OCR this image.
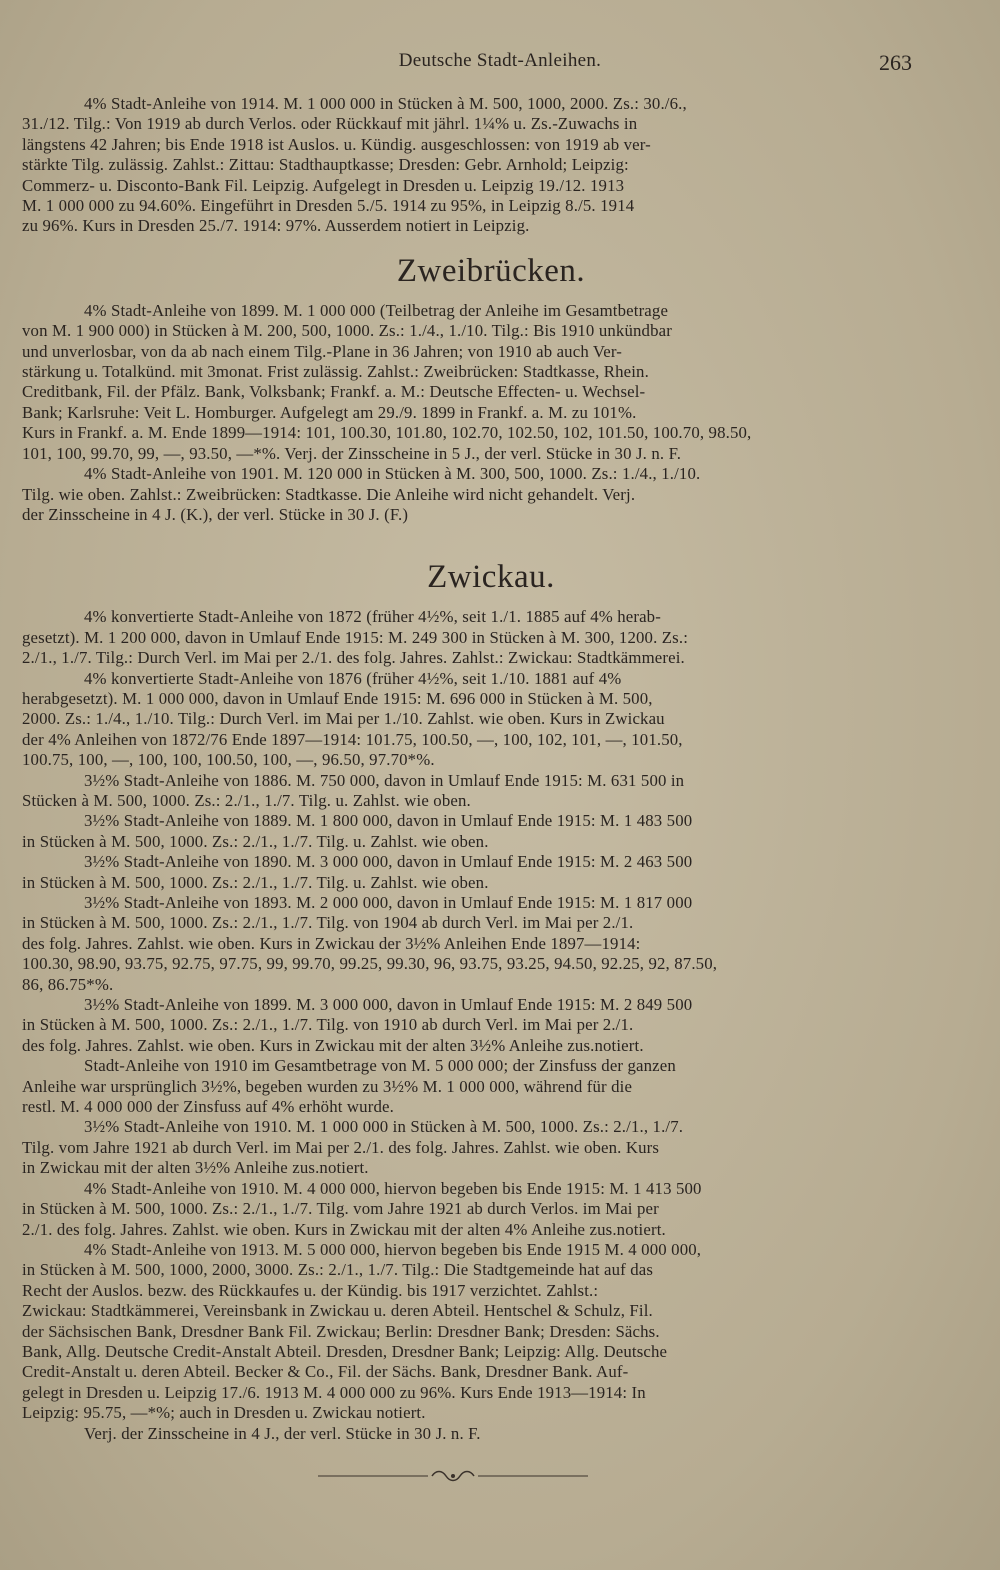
Deutsche Stadt-Anleihen.	263
4% Stadt-Anleihe von 1914. M. 1 000 000 in Stücken à M. 500, 1000, 2000. Zs.: 30./6.,
31./12. Tilg.: Von 1919 ab durch Verlos. oder Rückkauf mit jährl. 1¼% u. Zs.-Zuwachs in
längstens 42 Jahren; bis Ende 1918 ist Auslos. u. Kündig. ausgeschlossen: von 1919 ab ver-
stärkte Tilg. zulässig. Zahlst.: Zittau: Stadthauptkasse; Dresden: Gebr. Arnhold; Leipzig:
Commerz- u. Disconto-Bank Fil. Leipzig. Aufgelegt in Dresden u. Leipzig 19./12. 1913
M. 1 000 000 zu 94.60%. Eingeführt in Dresden 5./5. 1914 zu 95%, in Leipzig 8./5. 1914
zu 96%. Kurs in Dresden 25./7. 1914: 97%. Ausserdem notiert in Leipzig.
Zweibrücken.
4% Stadt-Anleihe von 1899. M. 1 000 000 (Teilbetrag der Anleihe im Gesamtbetrage
von M. 1 900 000) in Stücken à M. 200, 500, 1000. Zs.: 1./4., 1./10. Tilg.: Bis 1910 unkündbar
und unverlosbar, von da ab nach einem Tilg.-Plane in 36 Jahren; von 1910 ab auch Ver-
stärkung u. Totalkünd. mit 3monat. Frist zulässig. Zahlst.: Zweibrücken: Stadtkasse, Rhein.
Creditbank, Fil. der Pfälz. Bank, Volksbank; Frankf. a. M.: Deutsche Effecten- u. Wechsel-
Bank; Karlsruhe: Veit L. Homburger. Aufgelegt am 29./9. 1899 in Frankf. a. M. zu 101%.
Kurs in Frankf. a. M. Ende 1899—1914: 101, 100.30, 101.80, 102.70, 102.50, 102, 101.50, 100.70, 98.50,
101, 100, 99.70, 99, —, 93.50, —*%. Verj. der Zinsscheine in 5 J., der verl. Stücke in 30 J. n. F.
4% Stadt-Anleihe von 1901. M. 120 000 in Stücken à M. 300, 500, 1000. Zs.: 1./4., 1./10.
Tilg. wie oben. Zahlst.: Zweibrücken: Stadtkasse. Die Anleihe wird nicht gehandelt. Verj.
der Zinsscheine in 4 J. (K.), der verl. Stücke in 30 J. (F.)
Zwickau.
4% konvertierte Stadt-Anleihe von 1872 (früher 4½%, seit 1./1. 1885 auf 4% herab-
gesetzt). M. 1 200 000, davon in Umlauf Ende 1915: M. 249 300 in Stücken à M. 300, 1200. Zs.:
2./1., 1./7. Tilg.: Durch Verl. im Mai per 2./1. des folg. Jahres. Zahlst.: Zwickau: Stadtkämmerei.
4% konvertierte Stadt-Anleihe von 1876 (früher 4½%, seit 1./10. 1881 auf 4%
herabgesetzt). M. 1 000 000, davon in Umlauf Ende 1915: M. 696 000 in Stücken à M. 500,
2000. Zs.: 1./4., 1./10. Tilg.: Durch Verl. im Mai per 1./10. Zahlst. wie oben. Kurs in Zwickau
der 4% Anleihen von 1872/76 Ende 1897—1914: 101.75, 100.50, —, 100, 102, 101, —, 101.50,
100.75, 100, —, 100, 100, 100.50, 100, —, 96.50, 97.70*%.
3½% Stadt-Anleihe von 1886. M. 750 000, davon in Umlauf Ende 1915: M. 631 500 in
Stücken à M. 500, 1000. Zs.: 2./1., 1./7. Tilg. u. Zahlst. wie oben.
3½% Stadt-Anleihe von 1889. M. 1 800 000, davon in Umlauf Ende 1915: M. 1 483 500
in Stücken à M. 500, 1000. Zs.: 2./1., 1./7. Tilg. u. Zahlst. wie oben.
3½% Stadt-Anleihe von 1890. M. 3 000 000, davon in Umlauf Ende 1915: M. 2 463 500
in Stücken à M. 500, 1000. Zs.: 2./1., 1./7. Tilg. u. Zahlst. wie oben.
3½% Stadt-Anleihe von 1893. M. 2 000 000, davon in Umlauf Ende 1915: M. 1 817 000
in Stücken à M. 500, 1000. Zs.: 2./1., 1./7. Tilg. von 1904 ab durch Verl. im Mai per 2./1.
des folg. Jahres. Zahlst. wie oben. Kurs in Zwickau der 3½% Anleihen Ende 1897—1914:
100.30, 98.90, 93.75, 92.75, 97.75, 99, 99.70, 99.25, 99.30, 96, 93.75, 93.25, 94.50, 92.25, 92, 87.50,
86, 86.75*%.
3½% Stadt-Anleihe von 1899. M. 3 000 000, davon in Umlauf Ende 1915: M. 2 849 500
in Stücken à M. 500, 1000. Zs.: 2./1., 1./7. Tilg. von 1910 ab durch Verl. im Mai per 2./1.
des folg. Jahres. Zahlst. wie oben. Kurs in Zwickau mit der alten 3½% Anleihe zus.notiert.
Stadt-Anleihe von 1910 im Gesamtbetrage von M. 5 000 000; der Zinsfuss der ganzen
Anleihe war ursprünglich 3½%, begeben wurden zu 3½% M. 1 000 000, während für die
restl. M. 4 000 000 der Zinsfuss auf 4% erhöht wurde.
3½% Stadt-Anleihe von 1910. M. 1 000 000 in Stücken à M. 500, 1000. Zs.: 2./1., 1./7.
Tilg. vom Jahre 1921 ab durch Verl. im Mai per 2./1. des folg. Jahres. Zahlst. wie oben. Kurs
in Zwickau mit der alten 3½% Anleihe zus.notiert.
4% Stadt-Anleihe von 1910. M. 4 000 000, hiervon begeben bis Ende 1915: M. 1 413 500
in Stücken à M. 500, 1000. Zs.: 2./1., 1./7. Tilg. vom Jahre 1921 ab durch Verlos. im Mai per
2./1. des folg. Jahres. Zahlst. wie oben. Kurs in Zwickau mit der alten 4% Anleihe zus.notiert.
4% Stadt-Anleihe von 1913. M. 5 000 000, hiervon begeben bis Ende 1915 M. 4 000 000,
in Stücken à M. 500, 1000, 2000, 3000. Zs.: 2./1., 1./7. Tilg.: Die Stadtgemeinde hat auf das
Recht der Auslos. bezw. des Rückkaufes u. der Kündig. bis 1917 verzichtet. Zahlst.:
Zwickau: Stadtkämmerei, Vereinsbank in Zwickau u. deren Abteil. Hentschel & Schulz, Fil.
der Sächsischen Bank, Dresdner Bank Fil. Zwickau; Berlin: Dresdner Bank; Dresden: Sächs.
Bank, Allg. Deutsche Credit-Anstalt Abteil. Dresden, Dresdner Bank; Leipzig: Allg. Deutsche
Credit-Anstalt u. deren Abteil. Becker & Co., Fil. der Sächs. Bank, Dresdner Bank. Auf-
gelegt in Dresden u. Leipzig 17./6. 1913 M. 4 000 000 zu 96%. Kurs Ende 1913—1914: In
Leipzig: 95.75, —*%; auch in Dresden u. Zwickau notiert.
Verj. der Zinsscheine in 4 J., der verl. Stücke in 30 J. n. F.
